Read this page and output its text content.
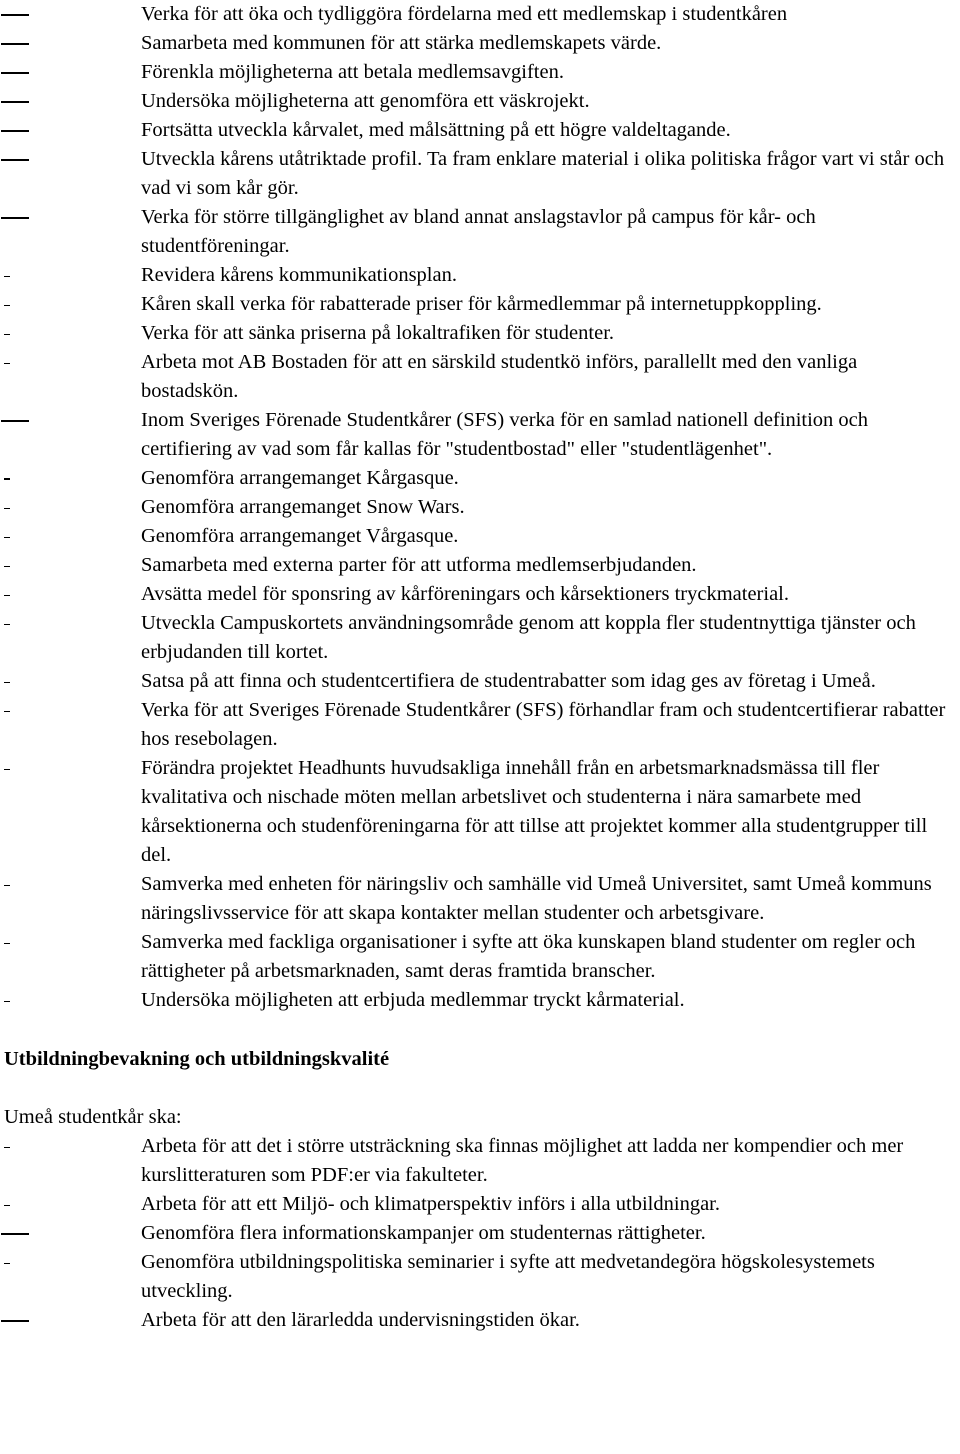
Verka för att öka och tydliggöra fördelarna med ett medlemskap i studentkåren
Samarbeta med kommunen för att stärka medlemskapets värde.
Förenkla möjligheterna att betala medlemsavgiften.
Undersöka möjligheterna att genomföra ett väskrojekt.
Fortsätta utveckla kårvalet, med målsättning på ett högre valdeltagande.
Utveckla kårens utåtriktade profil. Ta fram enklare material i olika politiska frågor vart vi står och vad vi som kår gör.
Verka för större tillgänglighet av bland annat anslagstavlor på campus för kår- och studentföreningar.
Revidera kårens kommunikationsplan.
Kåren skall verka för rabatterade priser för kårmedlemmar på internetuppkoppling.
Verka för att sänka priserna på lokaltrafiken för studenter.
Arbeta mot AB Bostaden för att en särskild studentkö införs, parallellt med den vanliga bostadskön.
Inom Sveriges Förenade Studentkårer (SFS) verka för en samlad nationell definition och certifiering av vad som får kallas för "studentbostad" eller "studentlägenhet".
Genomföra arrangemanget Kårgasque.
Genomföra arrangemanget Snow Wars.
Genomföra arrangemanget Vårgasque.
Samarbeta med externa parter för att utforma medlemserbjudanden.
Avsätta medel för sponsring av kårföreningars och kårsektioners tryckmaterial.
Utveckla Campuskortets användningsområde genom att koppla fler studentnyttiga tjänster och erbjudanden till kortet.
Satsa på att finna och studentcertifiera de studentrabatter som idag ges av företag i Umeå.
Verka för att Sveriges Förenade Studentkårer (SFS) förhandlar fram och studentcertifierar rabatter hos resebolagen.
Förändra projektet Headhunts huvudsakliga innehåll från en arbetsmarknadsmässa till fler kvalitativa och nischade möten mellan arbetslivet och studenterna i nära samarbete med kårsektionerna och studenföreningarna för att tillse att projektet kommer alla studentgrupper till del.
Samverka med enheten för näringsliv och samhälle vid Umeå Universitet, samt Umeå kommuns näringslivsservice för att skapa kontakter mellan studenter och arbetsgivare.
Samverka med fackliga organisationer i syfte att öka kunskapen bland studenter om regler och rättigheter på arbetsmarknaden, samt deras framtida branscher.
Undersöka möjligheten att erbjuda medlemmar tryckt kårmaterial.
Utbildningbevakning och utbildningskvalité
Umeå studentkår ska:
Arbeta för att det i större utsträckning ska finnas möjlighet att ladda ner kompendier och mer kurslitteraturen som PDF:er via fakulteter.
Arbeta för att ett Miljö- och klimatperspektiv införs i alla utbildningar.
Genomföra flera informationskampanjer om studenternas rättigheter.
Genomföra utbildningspolitiska seminarier i syfte att medvetandegöra högskolesystemets utveckling.
Arbeta för att den lärarledda undervisningstiden ökar.
